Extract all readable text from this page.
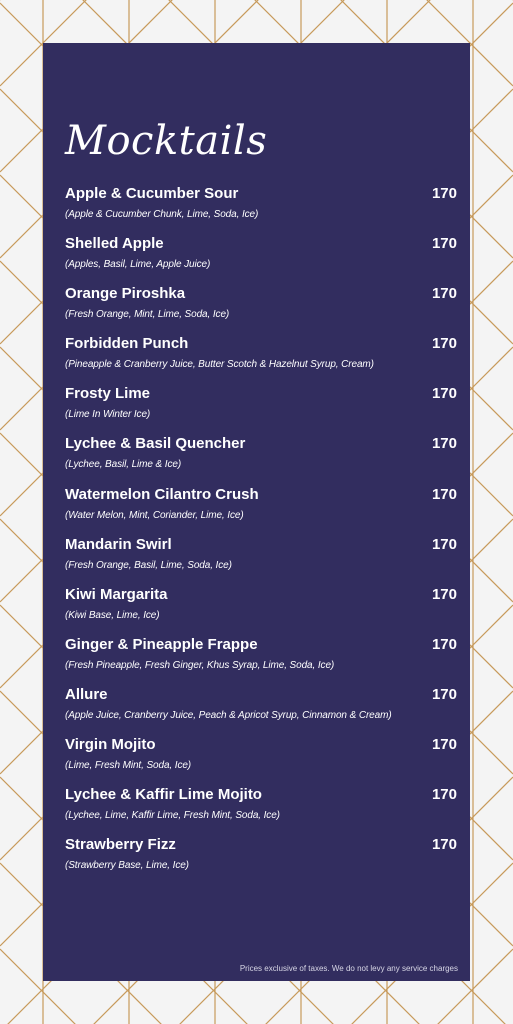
Mocktails
Apple & Cucumber Sour	170
(Apple & Cucumber Chunk, Lime, Soda, Ice)
Shelled Apple	170
(Apples, Basil, Lime, Apple Juice)
Orange Piroshka	170
(Fresh Orange, Mint, Lime, Soda, Ice)
Forbidden Punch	170
(Pineapple & Cranberry Juice, Butter Scotch & Hazelnut Syrup, Cream)
Frosty Lime	170
(Lime In Winter Ice)
Lychee & Basil Quencher	170
(Lychee, Basil, Lime & Ice)
Watermelon Cilantro Crush	170
(Water Melon, Mint, Coriander, Lime, Ice)
Mandarin Swirl	170
(Fresh Orange, Basil, Lime, Soda, Ice)
Kiwi Margarita	170
(Kiwi Base, Lime, Ice)
Ginger & Pineapple Frappe	170
(Fresh Pineapple, Fresh Ginger, Khus Syrap, Lime, Soda, Ice)
Allure	170
(Apple Juice, Cranberry Juice, Peach & Apricot Syrup, Cinnamon & Cream)
Virgin Mojito	170
(Lime, Fresh Mint, Soda, Ice)
Lychee & Kaffir Lime Mojito	170
(Lychee, Lime, Kaffir Lime, Fresh Mint, Soda, Ice)
Strawberry Fizz	170
(Strawberry Base, Lime, Ice)
Prices exclusive of taxes. We do not levy any service charges
